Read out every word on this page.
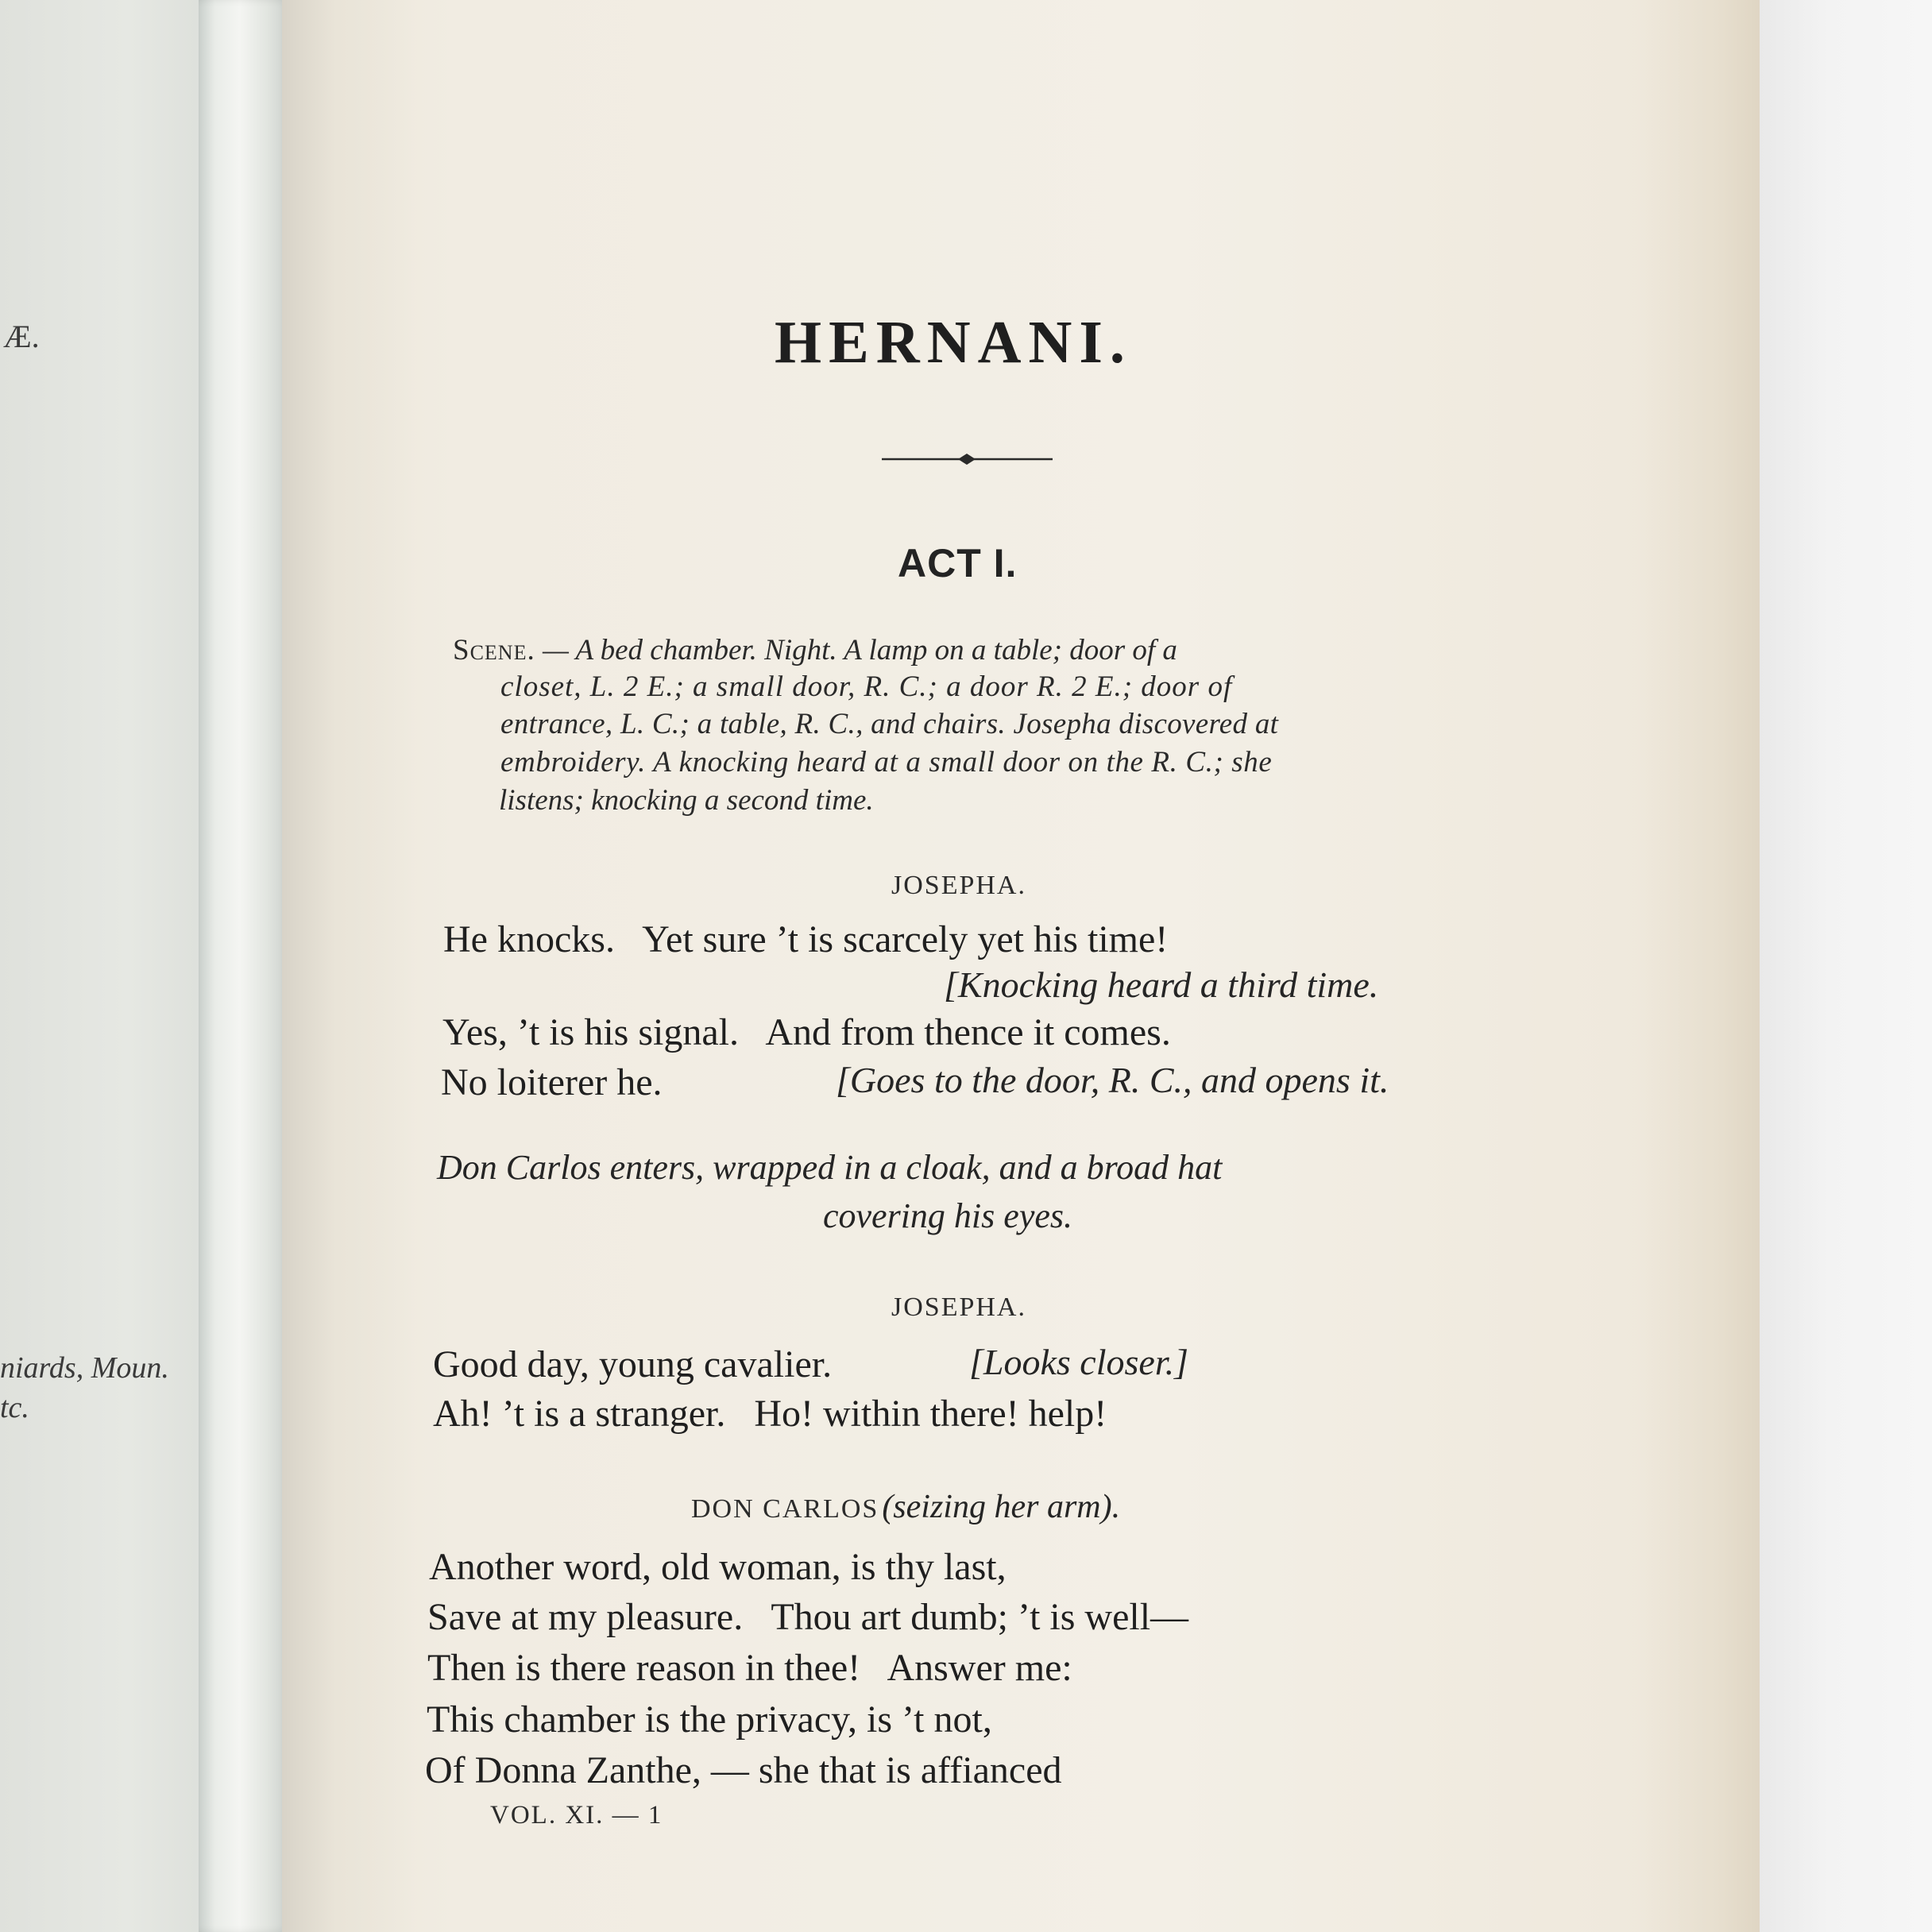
Æ.
niards, Moun.
tc.
HERNANI.
ACT I.
Scene. — A bed chamber. Night. A lamp on a table; door of a
closet, L. 2 E.; a small door, R. C.; a door R. 2 E.; door of
entrance, L. C.; a table, R. C., and chairs. Josepha discovered at
embroidery. A knocking heard at a small door on the R. C.; she
listens; knocking a second time.
JOSEPHA.
He knocks.   Yet sure ’t is scarcely yet his time!
[Knocking heard a third time.
Yes, ’t is his signal.   And from thence it comes.
No loiterer he.	[Goes to the door, R. C., and opens it.
Don Carlos enters, wrapped in a cloak, and a broad hat
covering his eyes.
JOSEPHA.
Good day, young cavalier.	[Looks closer.]
Ah! ’t is a stranger.   Ho! within there! help!
DON CARLOS (seizing her arm).
Another word, old woman, is thy last,
Save at my pleasure.   Thou art dumb; ’t is well—
Then is there reason in thee!   Answer me:
This chamber is the privacy, is ’t not,
Of Donna Zanthe, — she that is affianced
VOL. XI. — 1
